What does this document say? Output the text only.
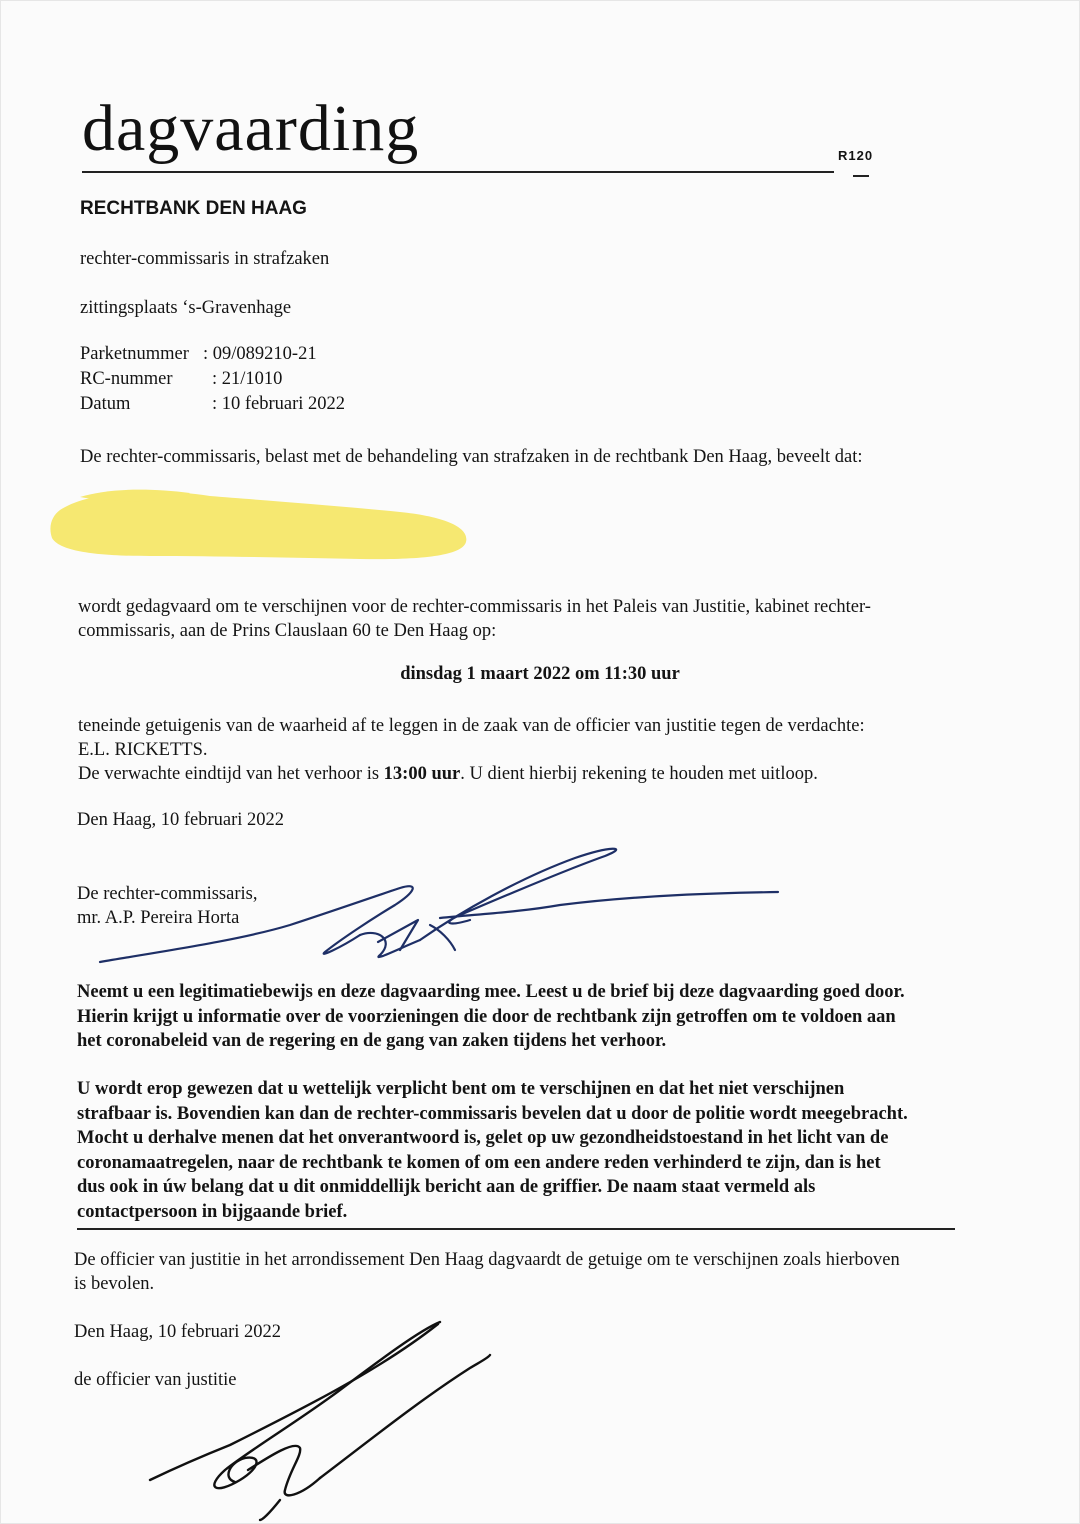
dagvaarding	R120
RECHTBANK DEN HAAG
rechter-commissaris in strafzaken
zittingsplaats ‘s-Gravenhage
Parketnummer : 09/089210-21
RC-nummer : 21/1010
Datum	: 10 februari 2022
De rechter-commissaris, belast met de behandeling van strafzaken in de rechtbank Den Haag, beveelt dat:
wordt gedagvaard om te verschijnen voor de rechter-commissaris in het Paleis van Justitie, kabinet rechter-
commissaris, aan de Prins Clauslaan 60 te Den Haag op:
dinsdag 1 maart 2022 om 11:30 uur
teneinde getuigenis van de waarheid af te leggen in de zaak van de officier van justitie tegen de verdachte:
E.L. RICKETTS.
De verwachte eindtijd van het verhoor is 13:00 uur. U dient hierbij rekening te houden met uitloop.
Den Haag, 10 februari 2022
De rechter-commissaris,
mr. A.P. Pereira Horta
Neemt u een legitimatiebewijs en deze dagvaarding mee. Leest u de brief bij deze dagvaarding goed door.
Hierin krijgt u informatie over de voorzieningen die door de rechtbank zijn getroffen om te voldoen aan
het coronabeleid van de regering en de gang van zaken tijdens het verhoor.
U wordt erop gewezen dat u wettelijk verplicht bent om te verschijnen en dat het niet verschijnen
strafbaar is. Bovendien kan dan de rechter-commissaris bevelen dat u door de politie wordt meegebracht.
Mocht u derhalve menen dat het onverantwoord is, gelet op uw gezondheidstoestand in het licht van de
coronamaatregelen, naar de rechtbank te komen of om een andere reden verhinderd te zijn, dan is het
dus ook in úw belang dat u dit onmiddellijk bericht aan de griffier. De naam staat vermeld als
contactpersoon in bijgaande brief.
De officier van justitie in het arrondissement Den Haag dagvaardt de getuige om te verschijnen zoals hierboven
is bevolen.
Den Haag, 10 februari 2022
de officier van justitie
